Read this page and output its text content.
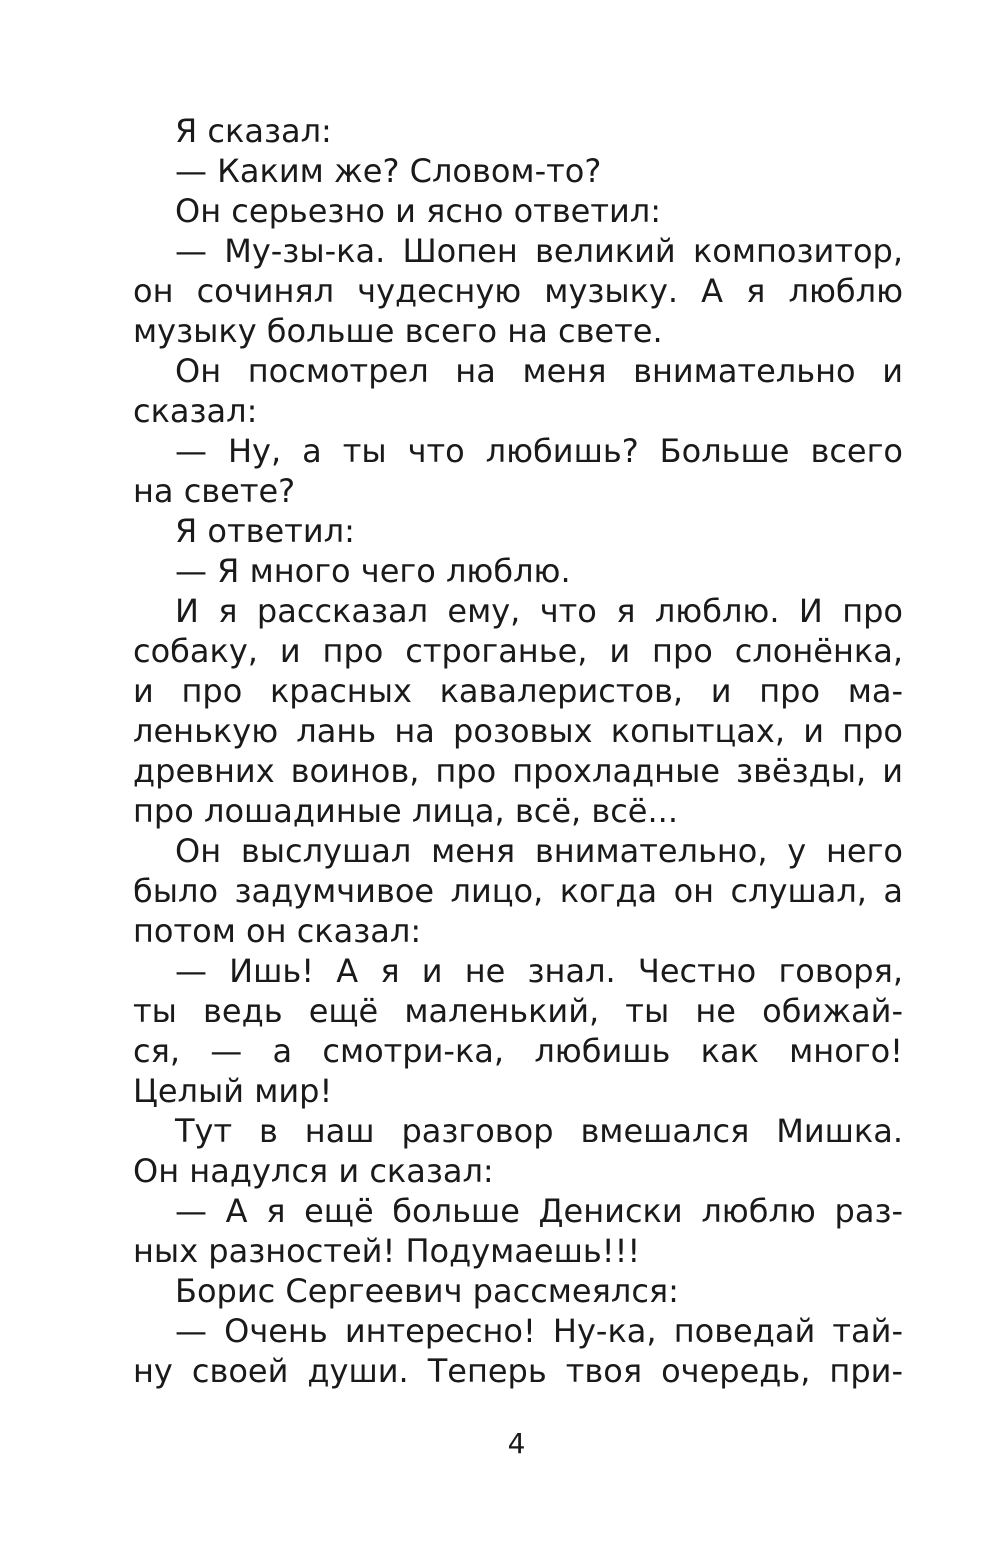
Я сказал:
— Каким же? Словом-то?
Он серьезно и ясно ответил:
— Му-зы-ка. Шопен великий композитор,
он сочинял чудесную музыку. А я люблю
музыку больше всего на свете.
Он посмотрел на меня внимательно и
сказал:
— Ну, а ты что любишь? Больше всего
на свете?
Я ответил:
— Я много чего люблю.
И я рассказал ему, что я люблю. И про
собаку, и про строганье, и про слонёнка,
и про красных кавалеристов, и про ма-
ленькую лань на розовых копытцах, и про
древних воинов, про прохладные звёзды, и
про лошадиные лица, всё, всё...
Он выслушал меня внимательно, у него
было задумчивое лицо, когда он слушал, а
потом он сказал:
— Ишь! А я и не знал. Честно говоря,
ты ведь ещё маленький, ты не обижай-
ся, — а смотри-ка, любишь как много!
Целый мир!
Тут в наш разговор вмешался Мишка.
Он надулся и сказал:
— А я ещё больше Дениски люблю раз-
ных разностей! Подумаешь!!!
Борис Сергеевич рассмеялся:
— Очень интересно! Ну-ка, поведай тай-
ну своей души. Теперь твоя очередь, при-
4
